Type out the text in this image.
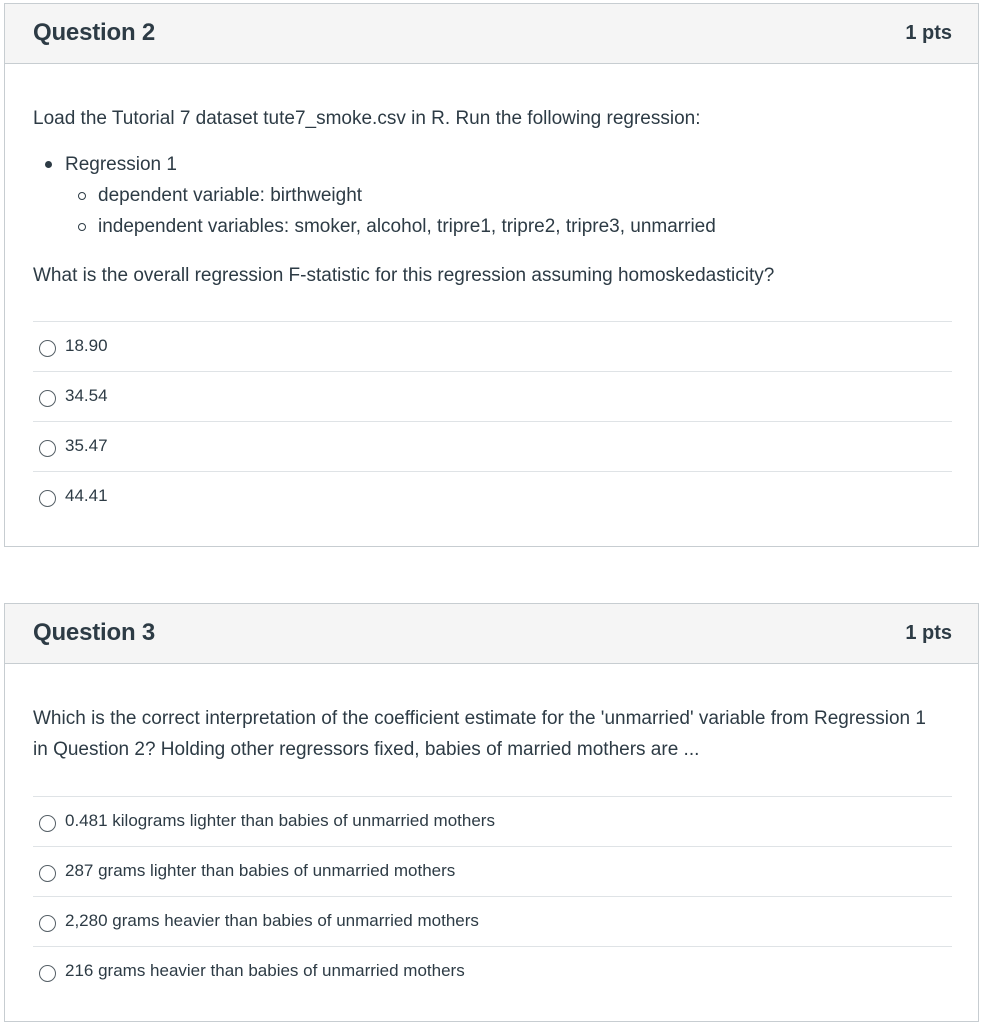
Question 2	1 pts
Load the Tutorial 7 dataset tute7_smoke.csv in R. Run the following regression:
Regression 1
dependent variable: birthweight
independent variables: smoker, alcohol, tripre1, tripre2, tripre3, unmarried
What is the overall regression F-statistic for this regression assuming homoskedasticity?
18.90
34.54
35.47
44.41
Question 3	1 pts
Which is the correct interpretation of the coefficient estimate for the 'unmarried' variable from Regression 1 in Question 2? Holding other regressors fixed, babies of married mothers are ...
0.481 kilograms lighter than babies of unmarried mothers
287 grams lighter than babies of unmarried mothers
2,280 grams heavier than babies of unmarried mothers
216 grams heavier than babies of unmarried mothers
